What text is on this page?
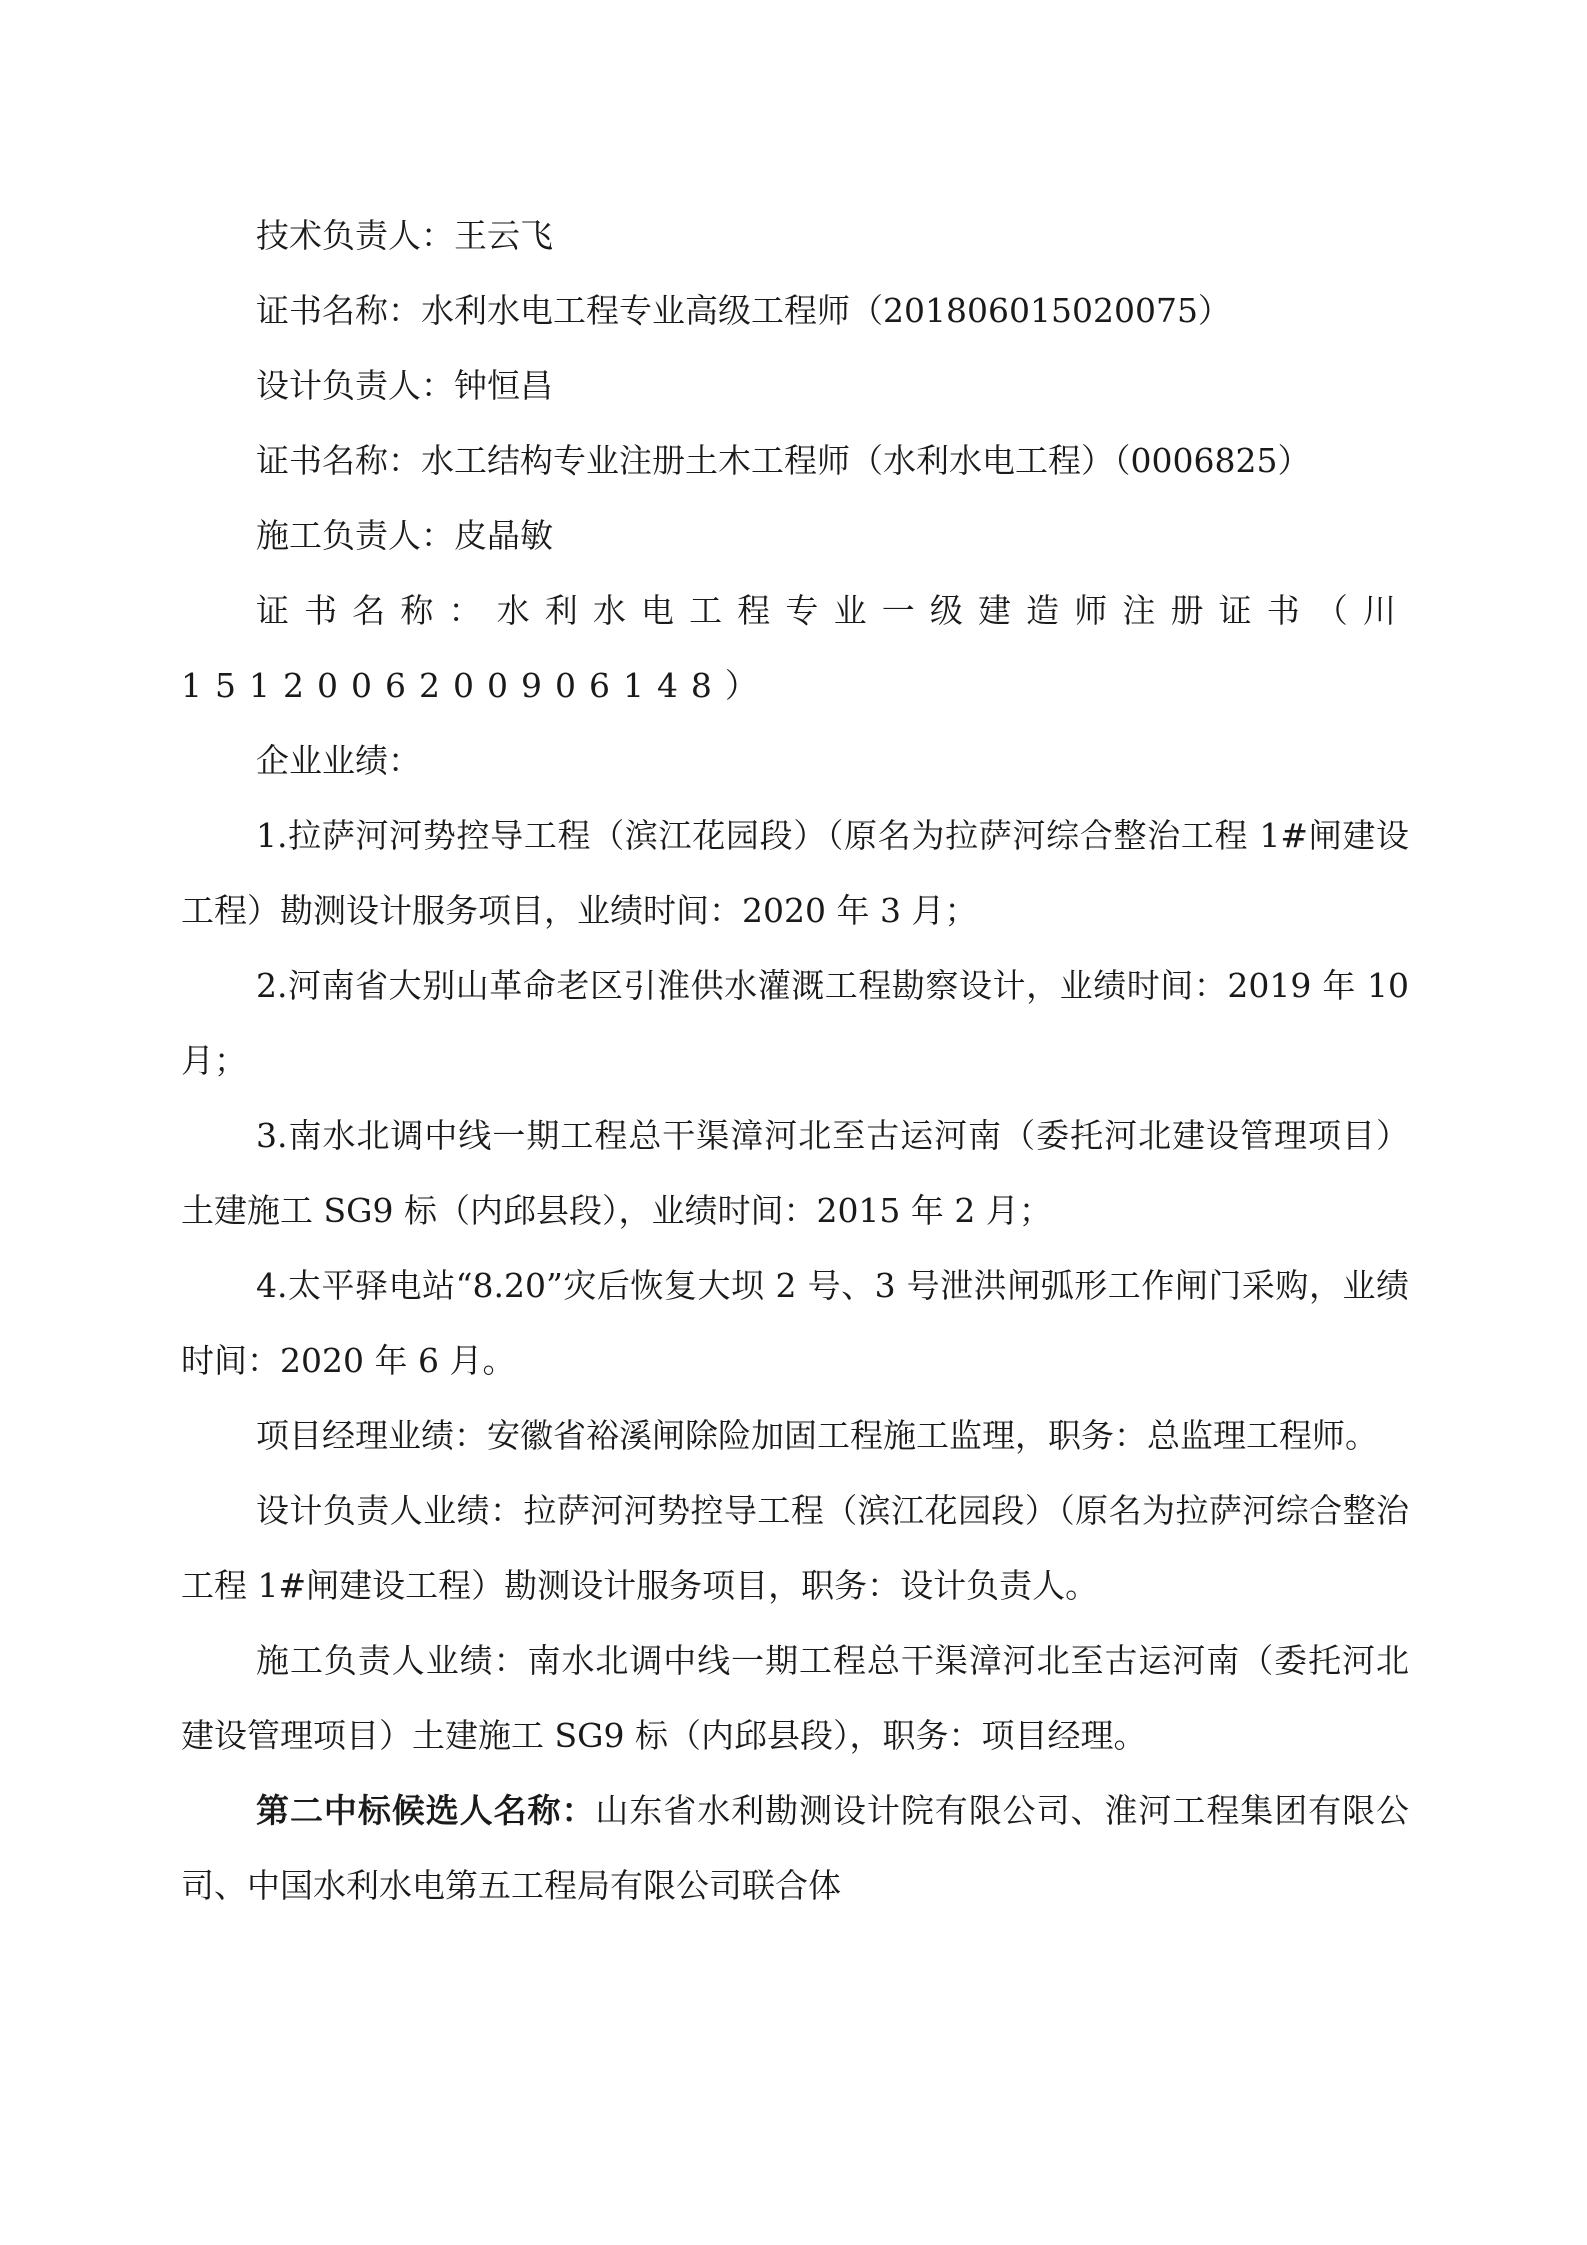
技术负责人：王云飞

证书名称：水利水电工程专业高级工程师（201806015020075）

设计负责人：钟恒昌

证书名称：水工结构专业注册土木工程师（水利水电工程）（0006825）

施工负责人：皮晶敏

证书名称：水利水电工程专业一级建造师注册证书（川1512006200906148）

企业业绩：

1.拉萨河河势控导工程（滨江花园段）（原名为拉萨河综合整治工程 1#闸建设工程）勘测设计服务项目，业绩时间：2020 年 3 月；

2.河南省大别山革命老区引淮供水灌溉工程勘察设计，业绩时间：2019 年 10 月；

3.南水北调中线一期工程总干渠漳河北至古运河南（委托河北建设管理项目）土建施工 SG9 标（内邱县段），业绩时间：2015 年 2 月；

4.太平驿电站“8.20”灾后恢复大坝 2 号、3 号泄洪闸弧形工作闸门采购，业绩时间：2020 年 6 月。

项目经理业绩：安徽省裕溪闸除险加固工程施工监理，职务：总监理工程师。

设计负责人业绩：拉萨河河势控导工程（滨江花园段）（原名为拉萨河综合整治工程 1#闸建设工程）勘测设计服务项目，职务：设计负责人。

施工负责人业绩：南水北调中线一期工程总干渠漳河北至古运河南（委托河北建设管理项目）土建施工 SG9 标（内邱县段），职务：项目经理。

第二中标候选人名称：山东省水利勘测设计院有限公司、淮河工程集团有限公司、中国水利水电第五工程局有限公司联合体
